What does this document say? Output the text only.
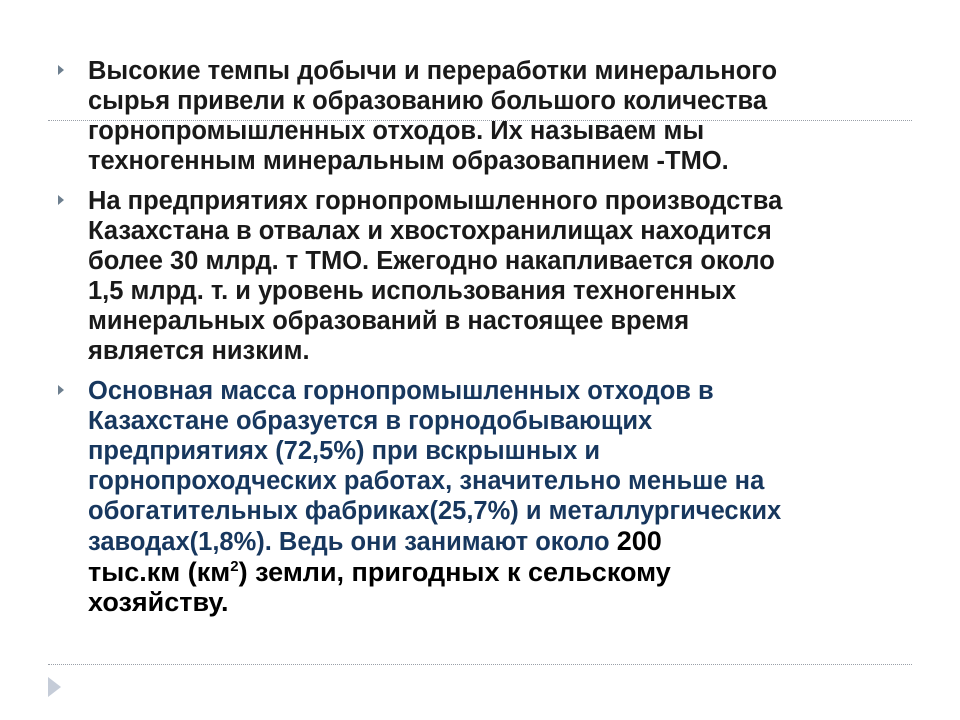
Высокие темпы добычи и переработки минерального
сырья привели к образованию большого количества
горнопромышленных отходов. Их называем мы
техногенным минеральным образовапнием -ТМО.
На предприятиях горнопромышленного производства
Казахстана в отвалах и хвостохранилищах находится
более 30 млрд. т ТМО. Ежегодно накапливается около
1,5 млрд. т. и уровень использования техногенных
минеральных образований в настоящее время
является низким.
Основная масса горнопромышленных отходов в
Казахстане образуется в горнодобывающих
предприятиях (72,5%) при вскрышных и
горнопроходческих работах, значительно меньше на
обогатительных фабриках(25,7%) и металлургических
заводах(1,8%). Ведь они занимают около 200
тыс.км $(км^2)$ земли, пригодных к сельскому
хозяйству.
